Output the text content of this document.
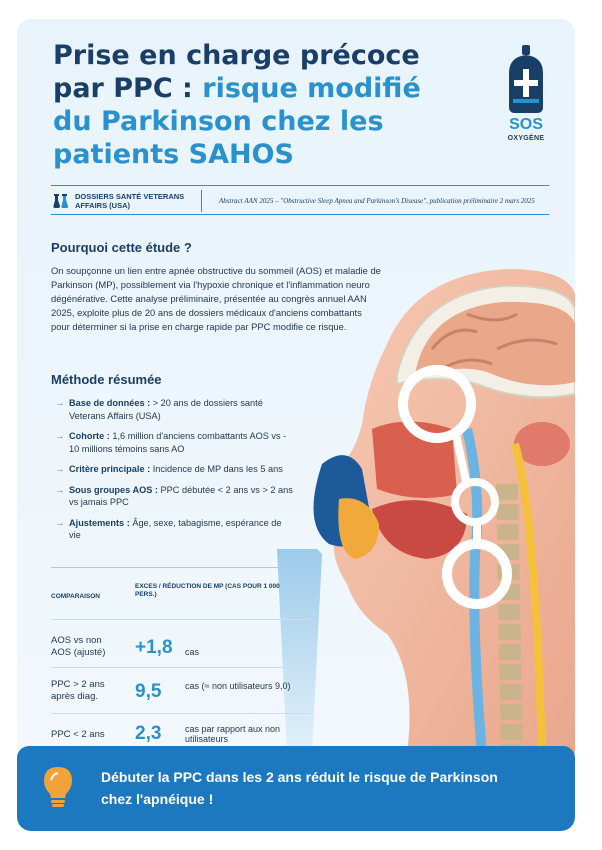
Prise en charge précoce par PPC : risque modifié du Parkinson chez les patients SAHOS
SOS
OXYGÈNE
DOSSIERS SANTÉ VETERANS AFFAIRS (USA)	Abstract AAN 2025 – "Obstructive Sleep Apnea and Parkinson's Disease", publication préliminaire 2 mars 2025
Pourquoi cette étude ?

On soupçonne un lien entre apnée obstructive du sommeil (AOS) et maladie de Parkinson (MP), possiblement via l'hypoxie chronique et l'inflammation neuro dégénérative. Cette analyse préliminaire, présentée au congrès annuel AAN 2025, exploite plus de 20 ans de dossiers médicaux d'anciens combattants pour déterminer si la prise en charge rapide par PPC modifie ce risque.

Méthode résumée
→ Base de données : > 20 ans de dossiers santé Veterans Affairs (USA)
→ Cohorte : 1,6 million d'anciens combattants AOS vs - 10 millions témoins sans AO
→ Critère principale : Incidence de MP dans les 5 ans
→ Sous groupes AOS : PPC débutée < 2 ans vs > 2 ans vs jamais PPC
→ Ajustements : Âge, sexe, tabagisme, espérance de vie
COMPARAISON
EXCES / RÉDUCTION DE MP (CAS POUR 1 000 PERS.)
AOS vs non AOS (ajusté)	+1,8 cas
PPC > 2 ans après diag.	9,5	cas (≈ non utilisateurs 9,0)
PPC < 2 ans	2,3	cas par rapport aux non utilisateurs
Débuter la PPC dans les 2 ans réduit le risque de Parkinson chez l'apnéique !
